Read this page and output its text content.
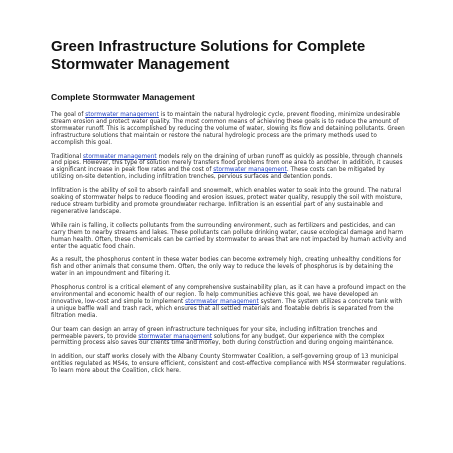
Green Infrastructure Solutions for Complete
Stormwater Management
Complete Stormwater Management

The goal of stormwater management is to maintain the natural hydrologic cycle, prevent flooding, minimize undesirable stream erosion and protect water quality. The most common means of achieving these goals is to reduce the amount of stormwater runoff. This is accomplished by reducing the volume of water, slowing its flow and detaining pollutants. Green infrastructure solutions that maintain or restore the natural hydrologic process are the primary methods used to accomplish this goal.

Traditional stormwater management models rely on the draining of urban runoff as quickly as possible, through channels and pipes. However, this type of solution merely transfers flood problems from one area to another. In addition, it causes a significant increase in peak flow rates and the cost of stormwater management. These costs can be mitigated by utilizing on-site detention, including infiltration trenches, pervious surfaces and detention ponds.

Infiltration is the ability of soil to absorb rainfall and snowmelt, which enables water to soak into the ground. The natural soaking of stormwater helps to reduce flooding and erosion issues, protect water quality, resupply the soil with moisture, reduce stream turbidity and promote groundwater recharge. Infiltration is an essential part of any sustainable and regenerative landscape.

While rain is falling, it collects pollutants from the surrounding environment, such as fertilizers and pesticides, and can carry them to nearby streams and lakes. These pollutants can pollute drinking water, cause ecological damage and harm human health. Often, these chemicals can be carried by stormwater to areas that are not impacted by human activity and enter the aquatic food chain.

As a result, the phosphorus content in these water bodies can become extremely high, creating unhealthy conditions for fish and other animals that consume them. Often, the only way to reduce the levels of phosphorus is by detaining the water in an impoundment and filtering it.

Phosphorus control is a critical element of any comprehensive sustainability plan, as it can have a profound impact on the environmental and economic health of our region. To help communities achieve this goal, we have developed an innovative, low-cost and simple to implement stormwater management system. The system utilizes a concrete tank with a unique baffle wall and trash rack, which ensures that all settled materials and floatable debris is separated from the filtration media.

Our team can design an array of green infrastructure techniques for your site, including infiltration trenches and permeable pavers, to provide stormwater management solutions for any budget. Our experience with the complex permitting process also saves our clients time and money, both during construction and during ongoing maintenance.

In addition, our staff works closely with the Albany County Stormwater Coalition, a self-governing group of 13 municipal entities regulated as MS4s, to ensure efficient, consistent and cost-effective compliance with MS4 stormwater regulations. To learn more about the Coalition, click here.
